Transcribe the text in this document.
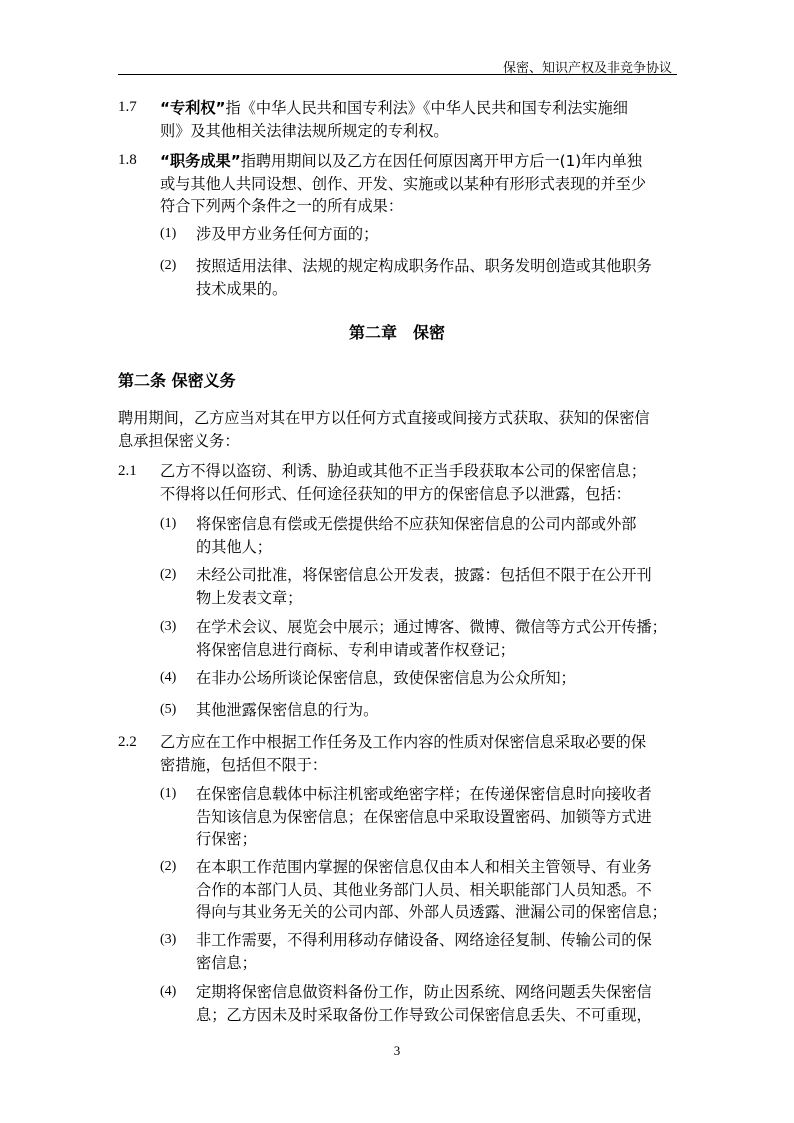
保密、知识产权及非竞争协议
1.7 “专利权”指《中华人民共和国专利法》《中华人民共和国专利法实施细
则》及其他相关法律法规所规定的专利权。
1.8 “职务成果”指聘用期间以及乙方在因任何原因离开甲方后一(1)年内单独
或与其他人共同设想、创作、开发、实施或以某种有形形式表现的并至少
符合下列两个条件之一的所有成果：
(1) 涉及甲方业务任何方面的；
(2) 按照适用法律、法规的规定构成职务作品、职务发明创造或其他职务
技术成果的。
第二章　保密
第二条 保密义务
聘用期间，乙方应当对其在甲方以任何方式直接或间接方式获取、获知的保密信
息承担保密义务：
2.1 乙方不得以盗窃、利诱、胁迫或其他不正当手段获取本公司的保密信息；
不得将以任何形式、任何途径获知的甲方的保密信息予以泄露，包括：
(1) 将保密信息有偿或无偿提供给不应获知保密信息的公司内部或外部
的其他人；
(2) 未经公司批准，将保密信息公开发表，披露：包括但不限于在公开刊
物上发表文章；
(3) 在学术会议、展览会中展示；通过博客、微博、微信等方式公开传播；
将保密信息进行商标、专利申请或著作权登记；
(4) 在非办公场所谈论保密信息，致使保密信息为公众所知；
(5) 其他泄露保密信息的行为。
2.2 乙方应在工作中根据工作任务及工作内容的性质对保密信息采取必要的保
密措施，包括但不限于：
(1) 在保密信息载体中标注机密或绝密字样；在传递保密信息时向接收者
告知该信息为保密信息；在保密信息中采取设置密码、加锁等方式进
行保密；
(2) 在本职工作范围内掌握的保密信息仅由本人和相关主管领导、有业务
合作的本部门人员、其他业务部门人员、相关职能部门人员知悉。不
得向与其业务无关的公司内部、外部人员透露、泄漏公司的保密信息；
(3) 非工作需要，不得利用移动存储设备、网络途径复制、传输公司的保
密信息；
(4) 定期将保密信息做资料备份工作，防止因系统、网络问题丢失保密信
息；乙方因未及时采取备份工作导致公司保密信息丢失、不可重现，
3
